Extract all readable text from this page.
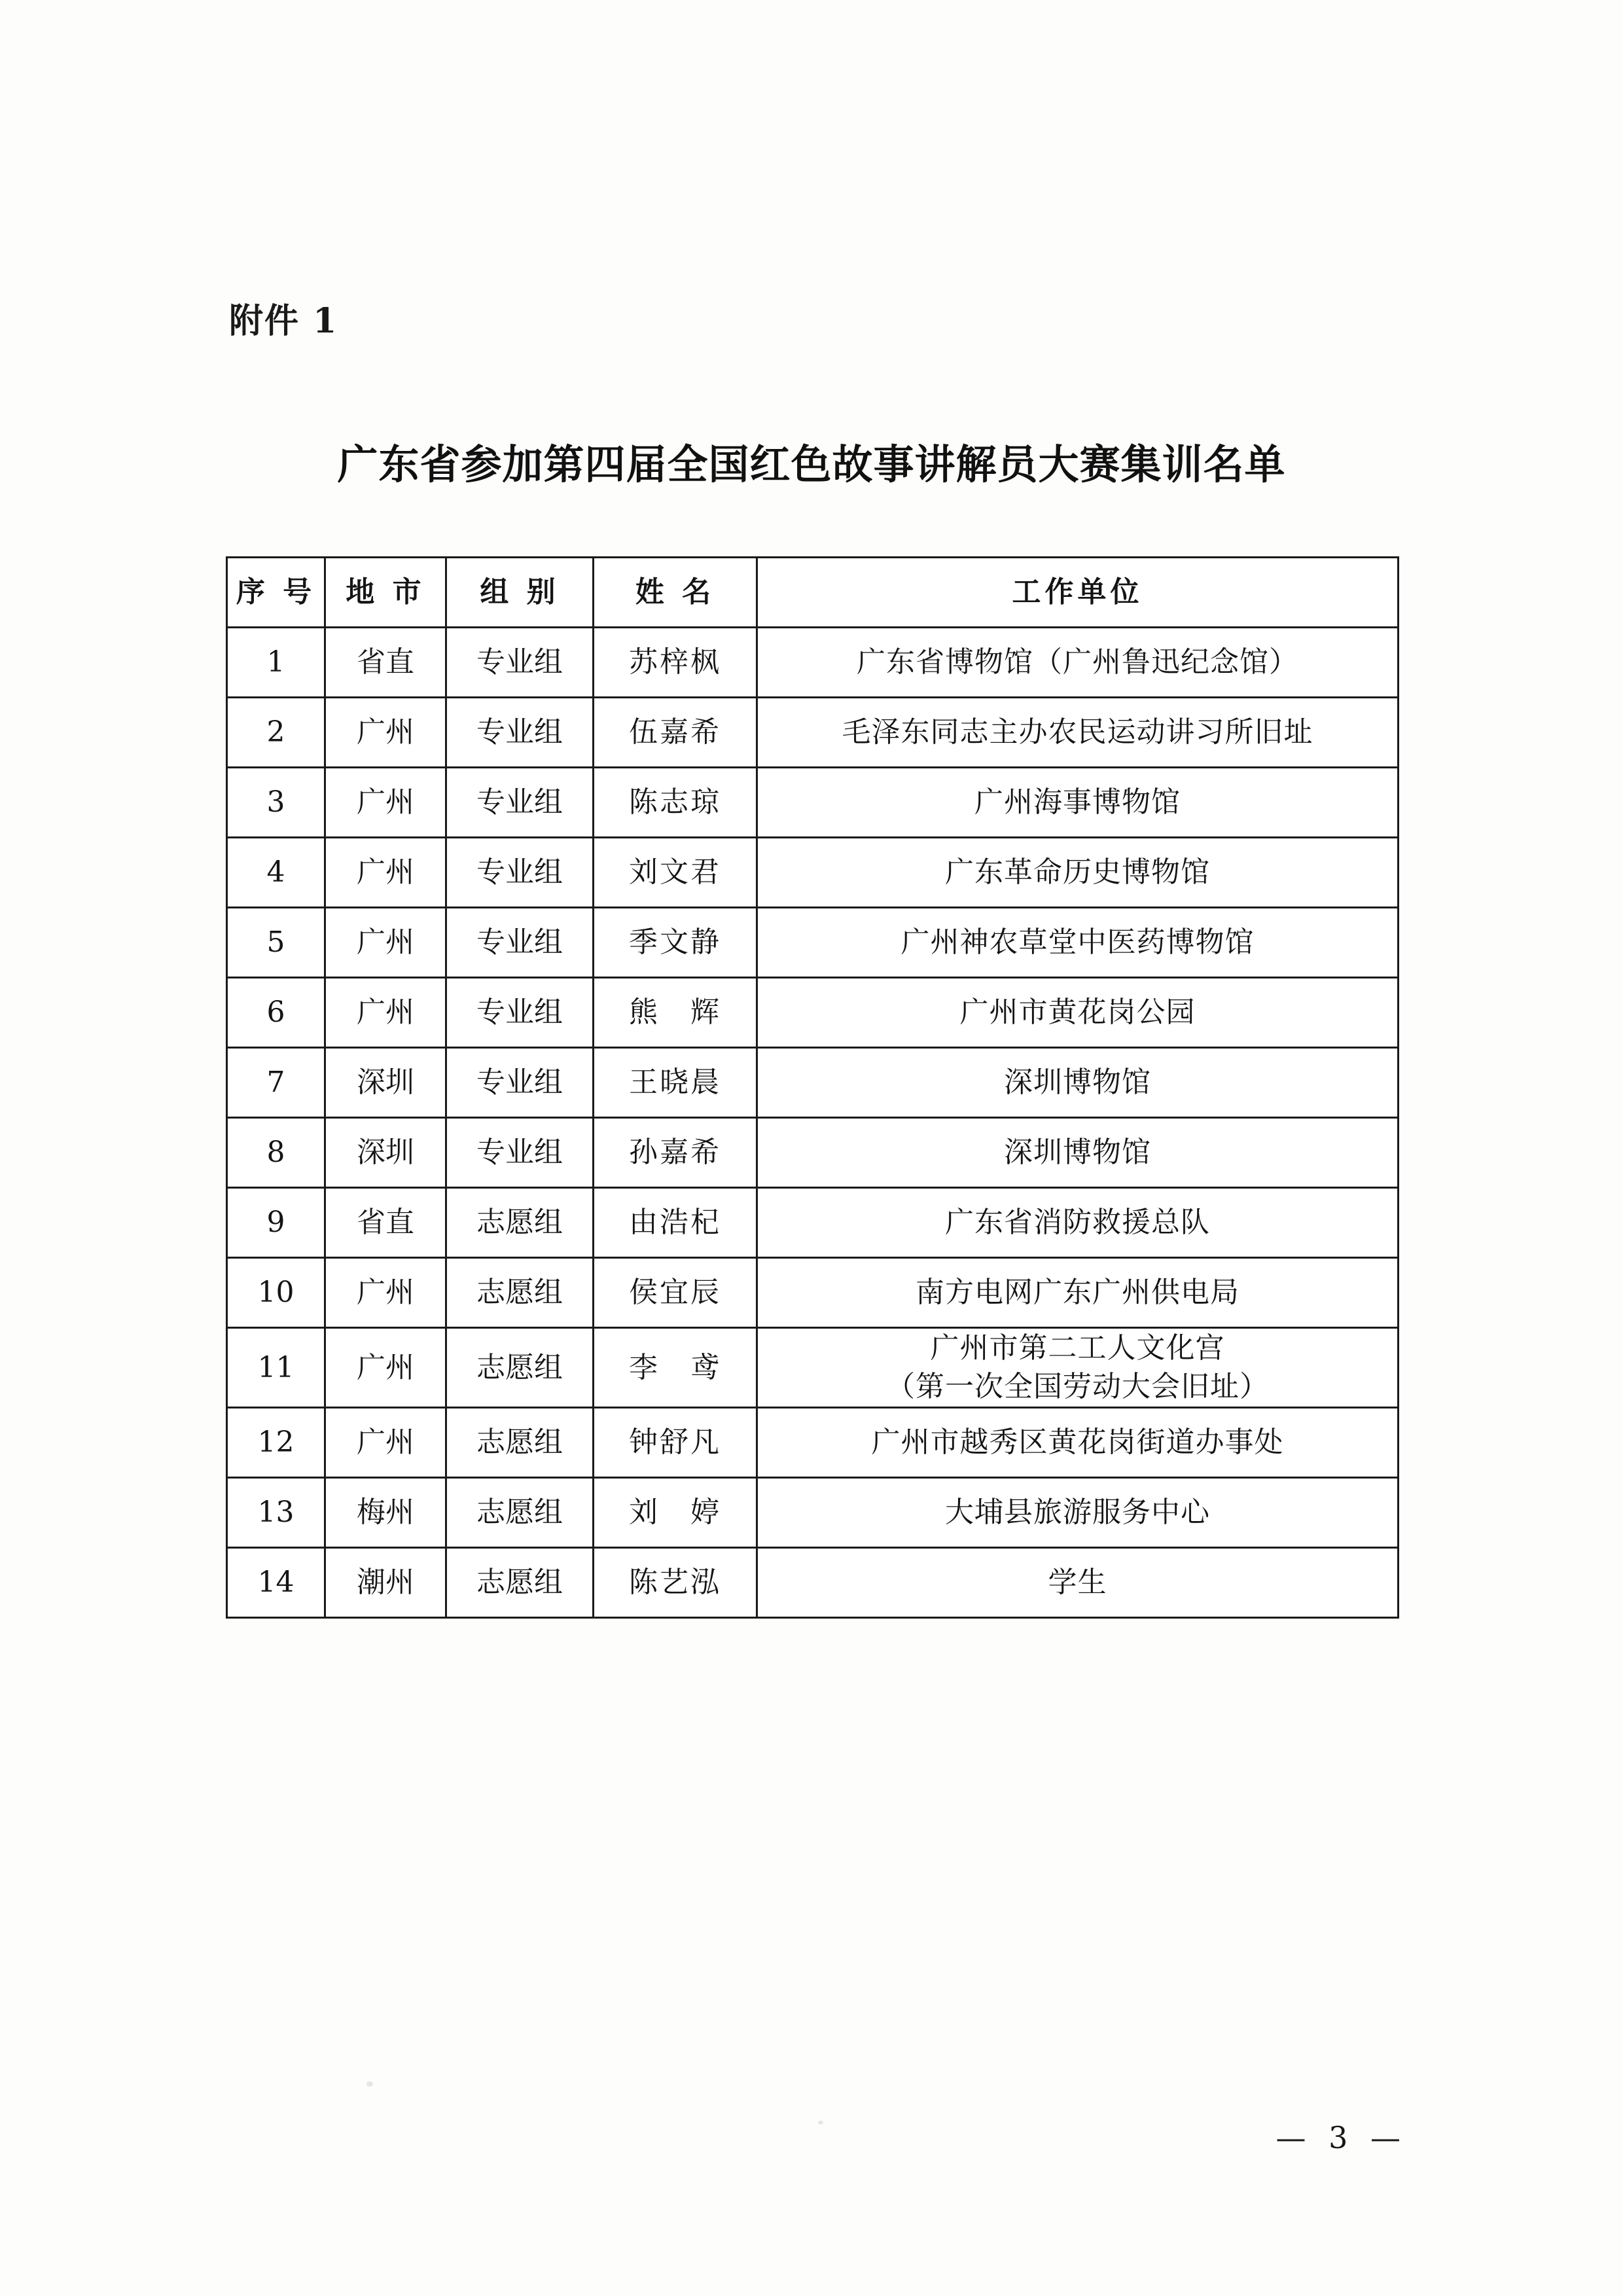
附件 1
广东省参加第四届全国红色故事讲解员大赛集训名单
序 号	地 市	组 别	姓 名	工作单位
1	省直	专业组	苏梓枫	广东省博物馆（广州鲁迅纪念馆）
2	广州	专业组	伍嘉希	毛泽东同志主办农民运动讲习所旧址
3	广州	专业组	陈志琼	广州海事博物馆
4	广州	专业组	刘文君	广东革命历史博物馆
5	广州	专业组	季文静	广州神农草堂中医药博物馆
6	广州	专业组	熊　辉	广州市黄花岗公园
7	深圳	专业组	王晓晨	深圳博物馆
8	深圳	专业组	孙嘉希	深圳博物馆
9	省直	志愿组	由浩杞	广东省消防救援总队
10	广州	志愿组	侯宜辰	南方电网广东广州供电局
11	广州	志愿组	李　鸢	广州市第二工人文化宫
（第一次全国劳动大会旧址）

12	广州	志愿组	钟舒凡	广州市越秀区黄花岗街道办事处
13	梅州	志愿组	刘　婷	大埔县旅游服务中心
14	潮州	志愿组	陈艺泓	学生
— 3 —
